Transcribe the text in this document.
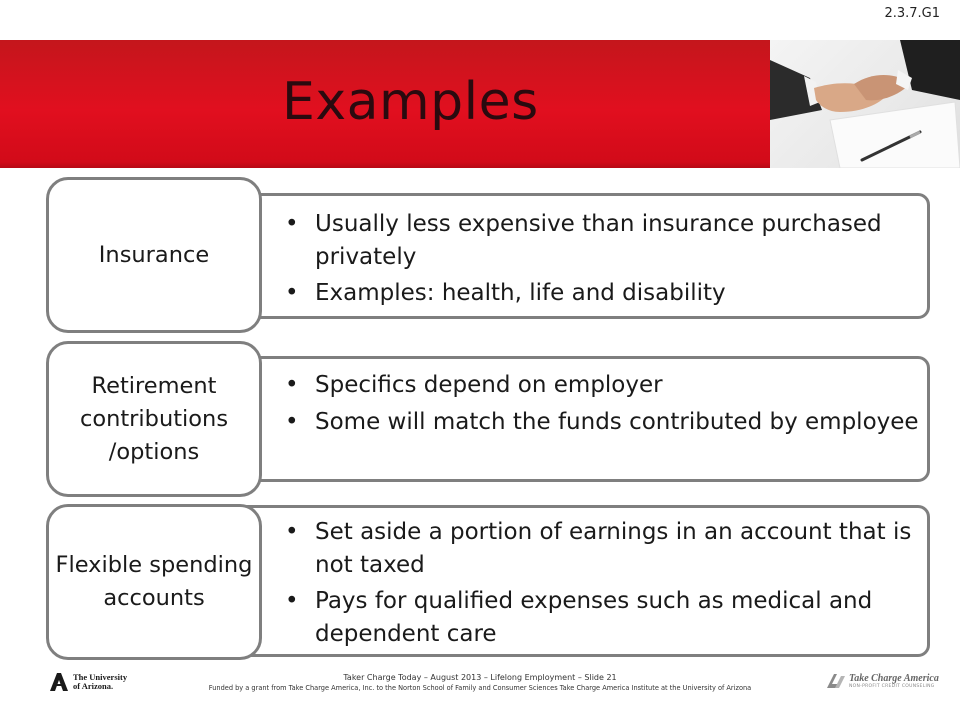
2.3.7.G1
Examples
• Usually less expensive than insurance purchased privately
• Examples: health, life and disability
Insurance
• Specifics depend on employer
• Some will match the funds contributed by employee
Retirement contributions /options
• Set aside a portion of earnings in an account that is not taxed
• Pays for qualified expenses such as medical and dependent care
Flexible spending accounts
The University
of Arizona.
Taker Charge Today – August 2013 – Lifelong Employment – Slide 21
Funded by a grant from Take Charge America, Inc. to the Norton School of Family and Consumer Sciences Take Charge America Institute at the University of Arizona
Take Charge America
NON-PROFIT CREDIT COUNSELING
